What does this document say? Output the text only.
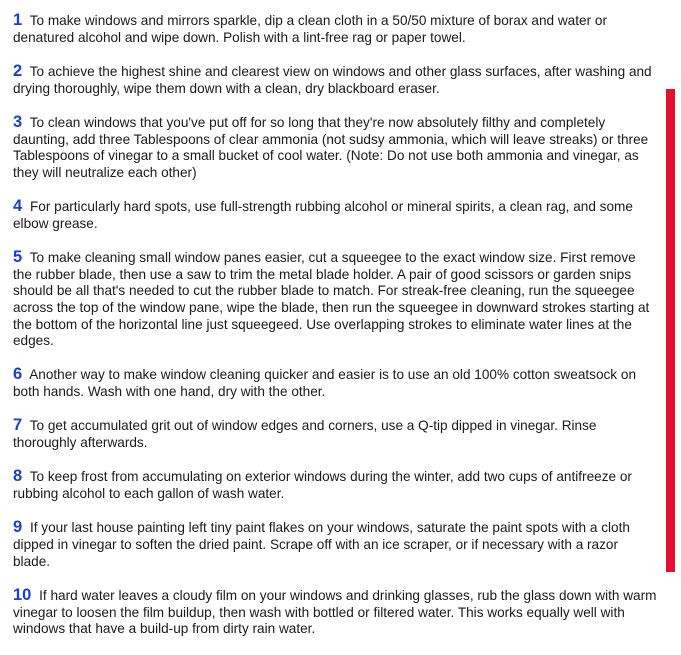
1 To make windows and mirrors sparkle, dip a clean cloth in a 50/50 mixture of borax and water or denatured alcohol and wipe down. Polish with a lint-free rag or paper towel.

2 To achieve the highest shine and clearest view on windows and other glass surfaces, after washing and drying thoroughly, wipe them down with a clean, dry blackboard eraser.

3 To clean windows that you've put off for so long that they're now absolutely filthy and completely daunting, add three Tablespoons of clear ammonia (not sudsy ammonia, which will leave streaks) or three Tablespoons of vinegar to a small bucket of cool water. (Note: Do not use both ammonia and vinegar, as they will neutralize each other)

4 For particularly hard spots, use full-strength rubbing alcohol or mineral spirits, a clean rag, and some elbow grease.

5 To make cleaning small window panes easier, cut a squeegee to the exact window size. First remove the rubber blade, then use a saw to trim the metal blade holder. A pair of good scissors or garden snips should be all that's needed to cut the rubber blade to match. For streak-free cleaning, run the squeegee across the top of the window pane, wipe the blade, then run the squeegee in downward strokes starting at the bottom of the horizontal line just squeegeed. Use overlapping strokes to eliminate water lines at the edges.

6 Another way to make window cleaning quicker and easier is to use an old 100% cotton sweatsock on both hands. Wash with one hand, dry with the other.

7 To get accumulated grit out of window edges and corners, use a Q-tip dipped in vinegar. Rinse thoroughly afterwards.

8 To keep frost from accumulating on exterior windows during the winter, add two cups of antifreeze or rubbing alcohol to each gallon of wash water.

9 If your last house painting left tiny paint flakes on your windows, saturate the paint spots with a cloth dipped in vinegar to soften the dried paint. Scrape off with an ice scraper, or if necessary with a razor blade.

10 If hard water leaves a cloudy film on your windows and drinking glasses, rub the glass down with warm vinegar to loosen the film buildup, then wash with bottled or filtered water. This works equally well with windows that have a build-up from dirty rain water.
